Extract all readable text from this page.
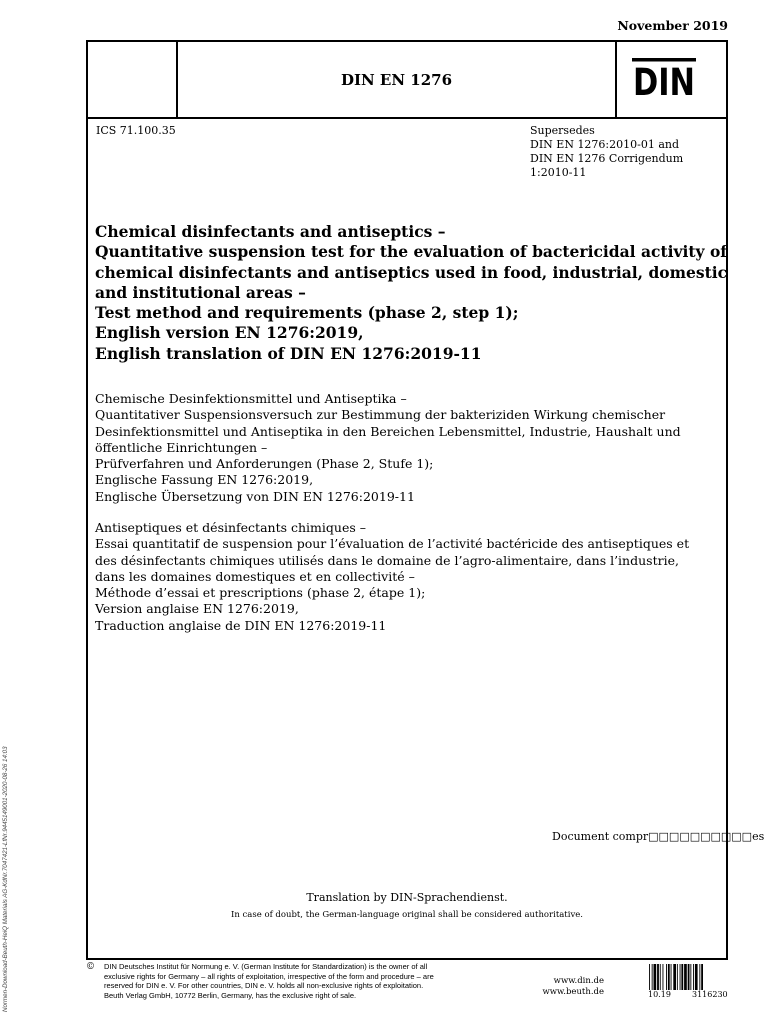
November 2019
DIN EN 1276	DIN
ICS 71.100.35	Supersedes
DIN EN 1276:2010-01 and
DIN EN 1276 Corrigendum
1:2010-11
Chemical disinfectants and antiseptics –
Quantitative suspension test for the evaluation of bactericidal activity of
chemical disinfectants and antiseptics used in food, industrial, domestic
and institutional areas –
Test method and requirements (phase 2, step 1);
English version EN 1276:2019,
English translation of DIN EN 1276:2019-11
Chemische Desinfektionsmittel und Antiseptika –
Quantitativer Suspensionsversuch zur Bestimmung der bakteriziden Wirkung chemischer
Desinfektionsmittel und Antiseptika in den Bereichen Lebensmittel, Industrie, Haushalt und
öffentliche Einrichtungen –
Prüfverfahren und Anforderungen (Phase 2, Stufe 1);
Englische Fassung EN 1276:2019,
Englische Übersetzung von DIN EN 1276:2019-11
Antiseptiques et désinfectants chimiques –
Essai quantitatif de suspension pour l’évaluation de l’activité bactéricide des antiseptiques et
des désinfectants chimiques utilisés dans le domaine de l’agro-alimentaire, dans l’industrie,
dans les domaines domestiques et en collectivité –
Méthode d’essai et prescriptions (phase 2, étape 1);
Version anglaise EN 1276:2019,
Traduction anglaise de DIN EN 1276:2019-11
Document compr□□□□□□□□□□es
Translation by DIN-Sprachendienst.
In case of doubt, the German-language original shall be considered authoritative.
© DIN Deutsches Institut für Normung e. V. (German Institute for Standardization) is the owner of all
exclusive rights for Germany – all rights of exploitation, irrespective of the form and procedure – are
reserved for DIN e. V. For other countries, DIN e. V. holds all non-exclusive rights of exploitation.
Beuth Verlag GmbH, 10772 Berlin, Germany, has the exclusive right of sale.
www.din.de
www.beuth.de	10.19	3116230
Normen-Download-Beuth-HeiQ Materials AG-KdNr.7047421-LfNr.9445149001-2020-08-26 14:03
